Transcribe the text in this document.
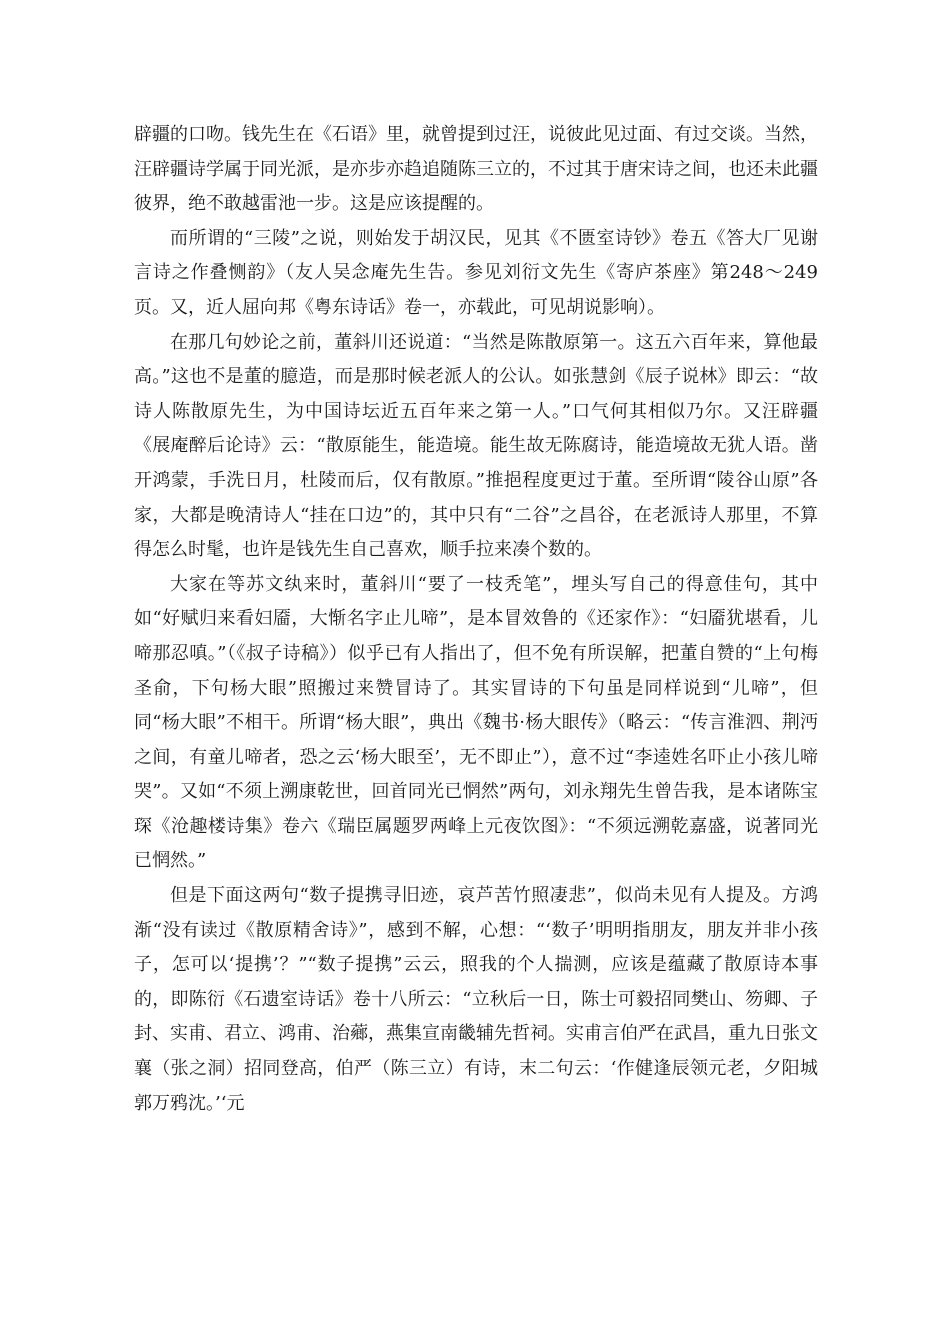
辟疆的口吻。钱先生在《石语》里，就曾提到过汪，说彼此见过面、有过交谈。当然，汪辟疆诗学属于同光派，是亦步亦趋追随陈三立的，不过其于唐宋诗之间，也还未此疆彼界，绝不敢越雷池一步。这是应该提醒的。

而所谓的“三陵”之说，则始发于胡汉民，见其《不匮室诗钞》卷五《答大厂见谢言诗之作叠恻韵》（友人吴念庵先生告。参见刘衍文先生《寄庐茶座》第248～249页。又，近人屈向邦《粤东诗话》卷一，亦载此，可见胡说影响）。

在那几句妙论之前，董斜川还说道：“当然是陈散原第一。这五六百年来，算他最高。”这也不是董的臆造，而是那时候老派人的公认。如张慧剑《辰子说林》即云：“故诗人陈散原先生，为中国诗坛近五百年来之第一人。”口气何其相似乃尔。又汪辟疆《展庵醉后论诗》云：“散原能生，能造境。能生故无陈腐诗，能造境故无犹人语。凿开鸿蒙，手洗日月，杜陵而后，仅有散原。”推挹程度更过于董。至所谓“陵谷山原”各家，大都是晚清诗人“挂在口边”的，其中只有“二谷”之昌谷，在老派诗人那里，不算得怎么时髦，也许是钱先生自己喜欢，顺手拉来凑个数的。

大家在等苏文纨来时，董斜川“要了一枝秃笔”，埋头写自己的得意佳句，其中如“好赋归来看妇靥，大惭名字止儿啼”，是本冒效鲁的《还家作》：“妇靥犹堪看，儿啼那忍嗔。”（《叔子诗稿》）似乎已有人指出了，但不免有所误解，把董自赞的“上句梅圣俞，下句杨大眼”照搬过来赞冒诗了。其实冒诗的下句虽是同样说到“儿啼”，但同“杨大眼”不相干。所谓“杨大眼”，典出《魏书·杨大眼传》（略云：“传言淮泗、荆沔之间，有童儿啼者，恐之云‘杨大眼至’，无不即止”），意不过“李逵姓名吓止小孩儿啼哭”。又如“不须上溯康乾世，回首同光已惘然”两句，刘永翔先生曾告我，是本诸陈宝琛《沧趣楼诗集》卷六《瑞臣属题罗两峰上元夜饮图》：“不须远溯乾嘉盛，说著同光已惘然。”

但是下面这两句“数子提携寻旧迹，哀芦苦竹照凄悲”，似尚未见有人提及。方鸿渐“没有读过《散原精舍诗》”，感到不解，心想：“‘数子’明明指朋友，朋友并非小孩子，怎可以‘提携’？”“数子提携”云云，照我的个人揣测，应该是蕴藏了散原诗本事的，即陈衍《石遗室诗话》卷十八所云：“立秋后一日，陈士可毅招同樊山、笏卿、子封、实甫、君立、鸿甫、治薌，燕集宣南畿辅先哲祠。实甫言伯严在武昌，重九日张文襄（张之洞）招同登高，伯严（陈三立）有诗，末二句云：‘作健逢辰领元老，夕阳城郭万鸦沈。’‘元
